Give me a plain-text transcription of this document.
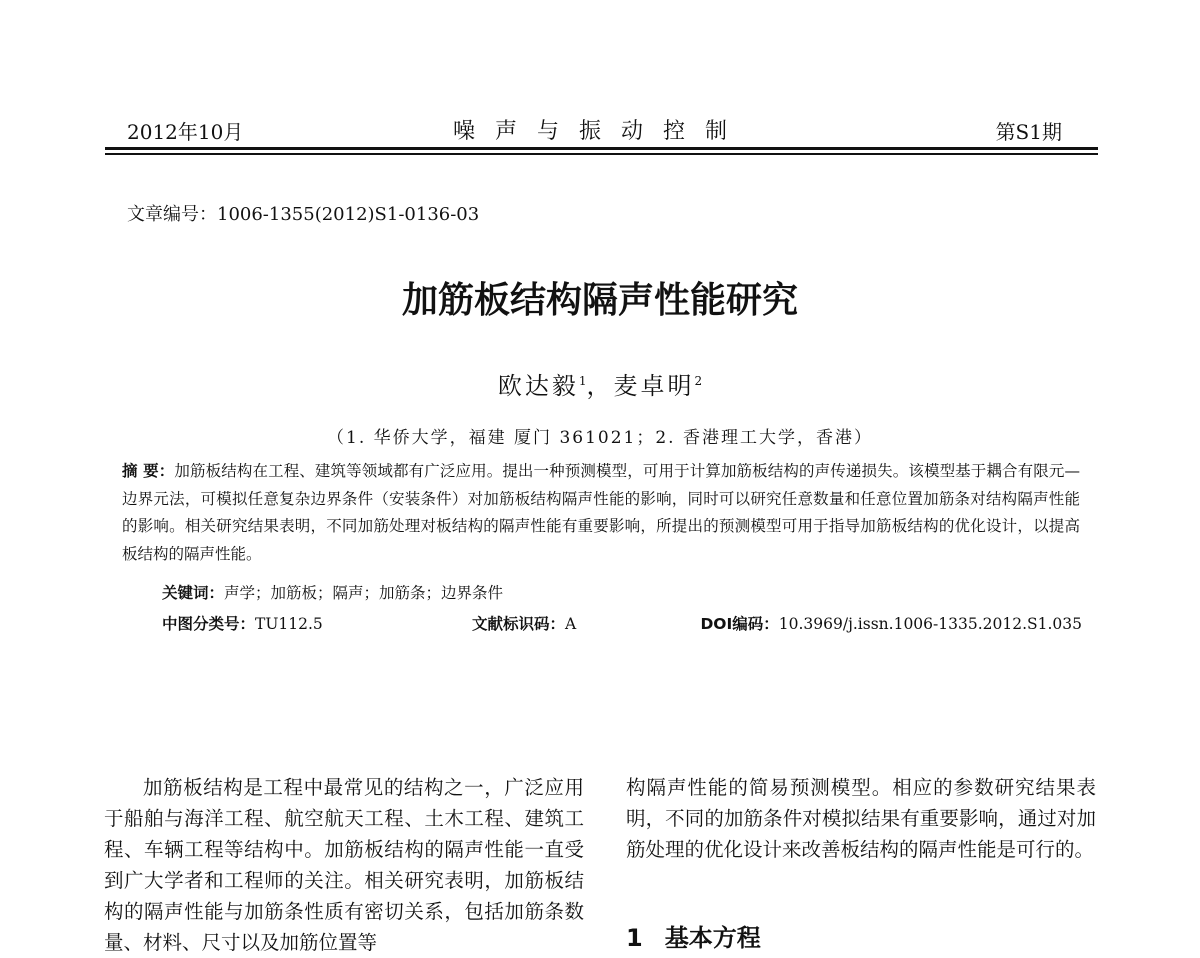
2012年10月	噪声与振动控制	第S1期
文章编号：1006-1355(2012)S1-0136-03
加筋板结构隔声性能研究
欧达毅$^1$，麦卓明$^2$
（1. 华侨大学，福建 厦门 361021；2. 香港理工大学，香港）
摘 要：加筋板结构在工程、建筑等领域都有广泛应用。提出一种预测模型，可用于计算加筋板结构的声传递损失。该模型基于耦合有限元—边界元法，可模拟任意复杂边界条件（安装条件）对加筋板结构隔声性能的影响，同时可以研究任意数量和任意位置加筋条对结构隔声性能的影响。相关研究结果表明，不同加筋处理对板结构的隔声性能有重要影响，所提出的预测模型可用于指导加筋板结构的优化设计，以提高板结构的隔声性能。
关键词：声学；加筋板；隔声；加筋条；边界条件
中图分类号：TU112.5	文献标识码：A	DOI编码：10.3969/j.issn.1006-1335.2012.S1.035
加筋板结构是工程中最常见的结构之一，广泛应用于船舶与海洋工程、航空航天工程、土木工程、建筑工程、车辆工程等结构中。加筋板结构的隔声性能一直受到广大学者和工程师的关注。相关研究表明，加筋板结构的隔声性能与加筋条性质有密切关系，包括加筋条数量、材料、尺寸以及加筋位置等
构隔声性能的简易预测模型。相应的参数研究结果表明，不同的加筋条件对模拟结果有重要影响，通过对加筋处理的优化设计来改善板结构的隔声性能是可行的。
1 基本方程
